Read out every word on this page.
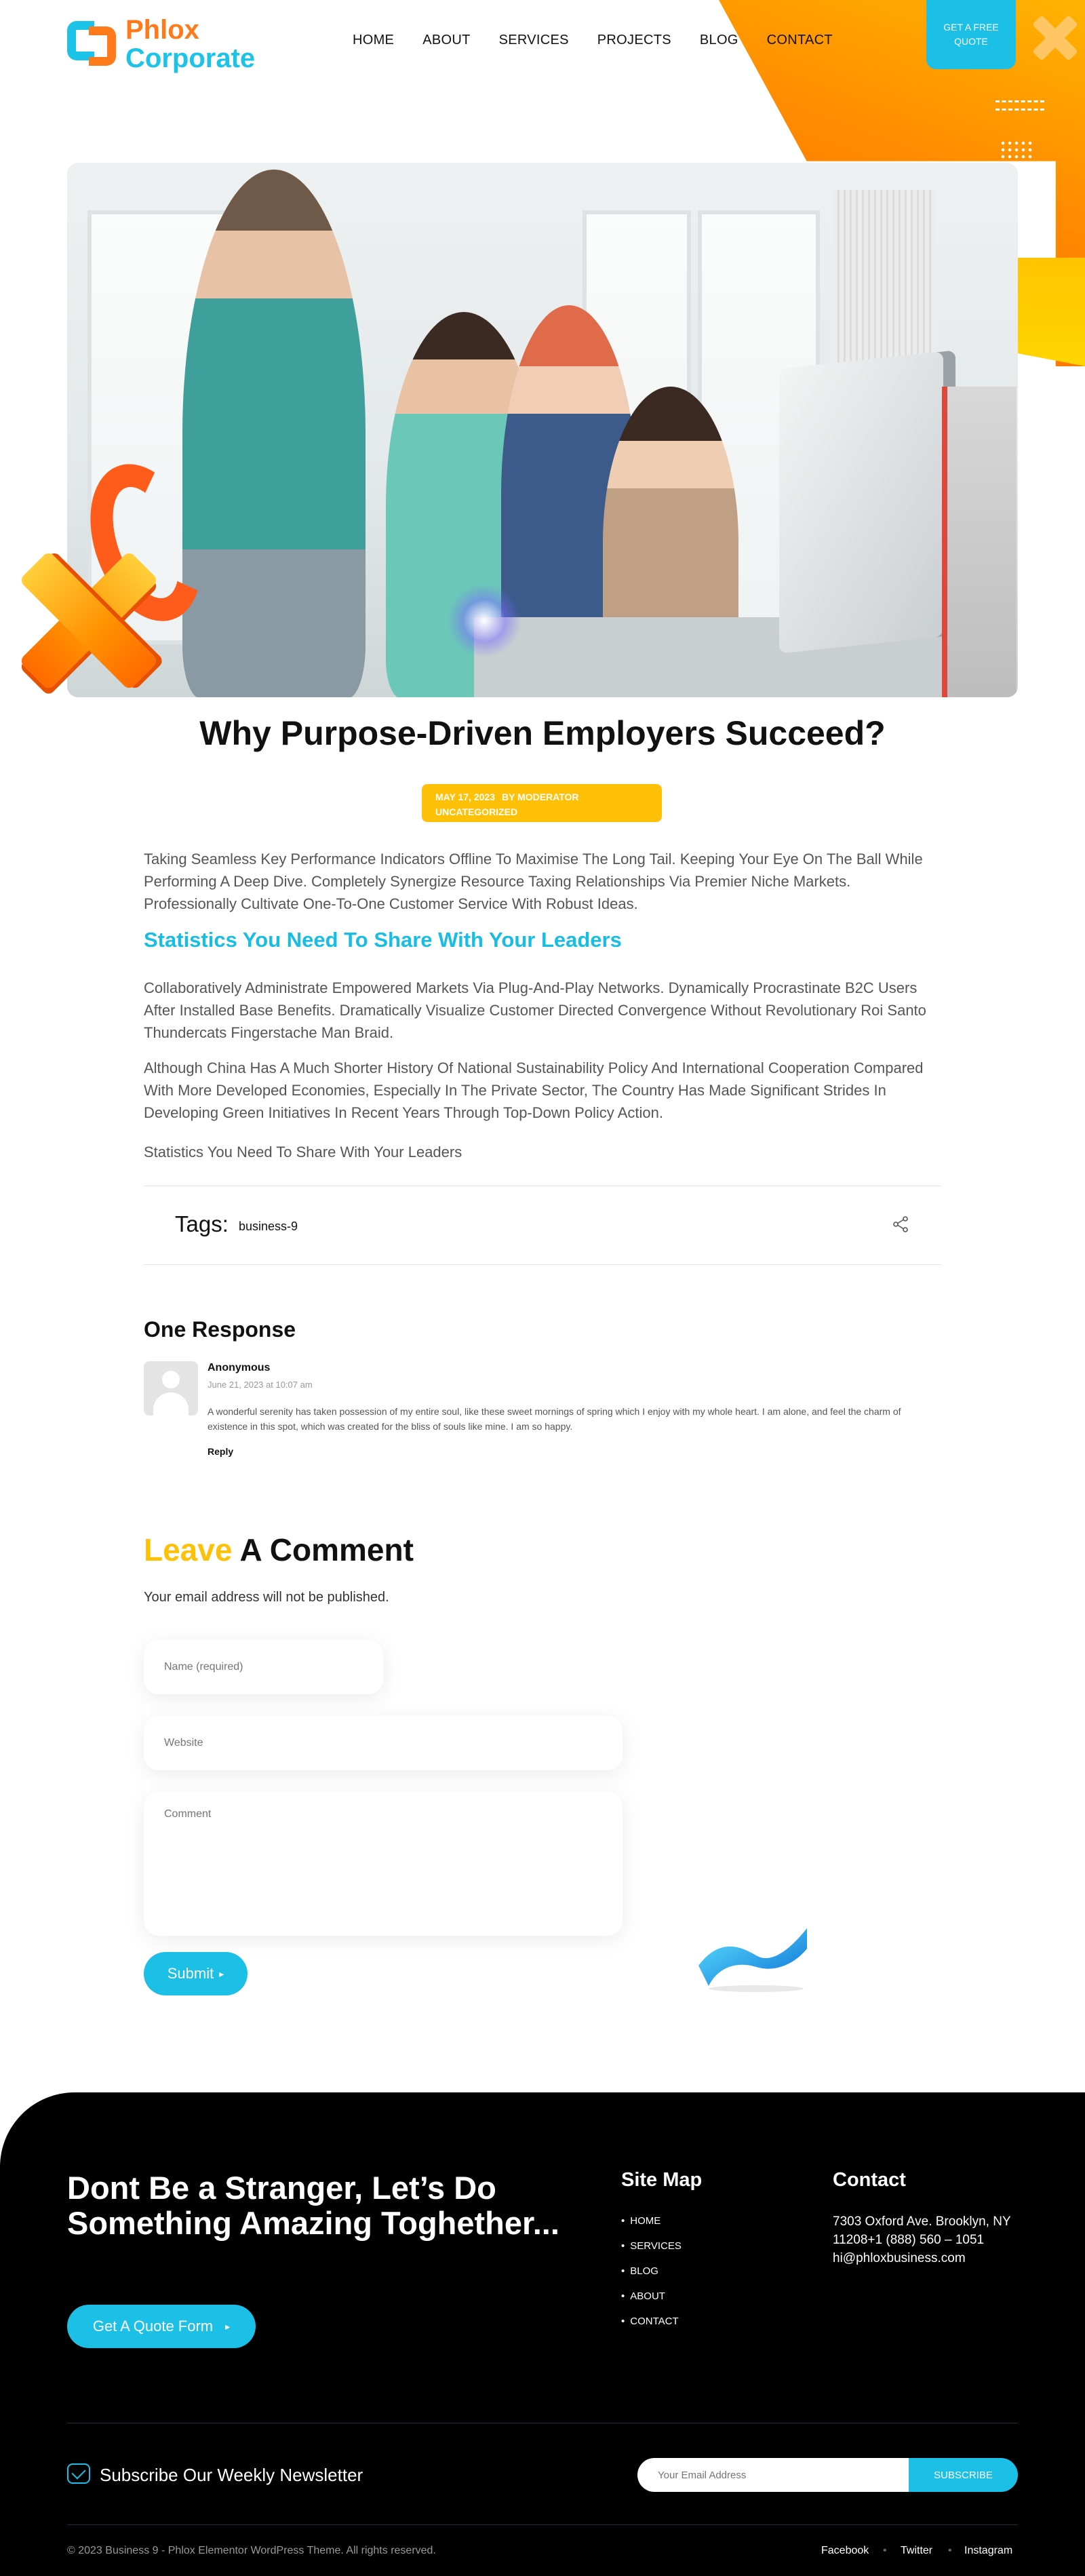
Phlox
Corporate
HOME ABOUT SERVICES PROJECTS BLOG CONTACT
GET A FREE QUOTE
Why Purpose-Driven Employers Succeed?
MAY 17, 2023 BY MODERATOR
UNCATEGORIZED

Taking Seamless Key Performance Indicators Offline To Maximise The Long Tail. Keeping Your Eye On The Ball While Performing A Deep Dive. Completely Synergize Resource Taxing Relationships Via Premier Niche Markets. Professionally Cultivate One-To-One Customer Service With Robust Ideas.

Statistics You Need To Share With Your Leaders

Collaboratively Administrate Empowered Markets Via Plug-And-Play Networks. Dynamically Procrastinate B2C Users After Installed Base Benefits. Dramatically Visualize Customer Directed Convergence Without Revolutionary Roi Santo Thundercats Fingerstache Man Braid.

Although China Has A Much Shorter History Of National Sustainability Policy And International Cooperation Compared With More Developed Economies, Especially In The Private Sector, The Country Has Made Significant Strides In Developing Green Initiatives In Recent Years Through Top-Down Policy Action.

Statistics You Need To Share With Your Leaders

Tags: business-9
One Response
Anonymous
June 21, 2023 at 10:07 am

A wonderful serenity has taken possession of my entire soul, like these sweet mornings of spring which I enjoy with my whole heart. I am alone, and feel the charm of existence in this spot, which was created for the bliss of souls like mine. I am so happy.

Reply
Leave A Comment

Your email address will not be published.

Name (required)
Website
Comment
Submit ▸
Dont Be a Stranger, Let’s Do Something Amazing Toghether...
Get A Quote Form ▸
Site Map
• HOME
• SERVICES
• BLOG
• ABOUT
• CONTACT
Contact
7303 Oxford Ave. Brooklyn, NY 11208+1 (888) 560 – 1051
hi@phloxbusiness.com
Subscribe Our Weekly Newsletter
Your Email Address	SUBSCRIBE
© 2023 Business 9 - Phlox Elementor WordPress Theme. All rights reserved.	Facebook • Twitter • Instagram
